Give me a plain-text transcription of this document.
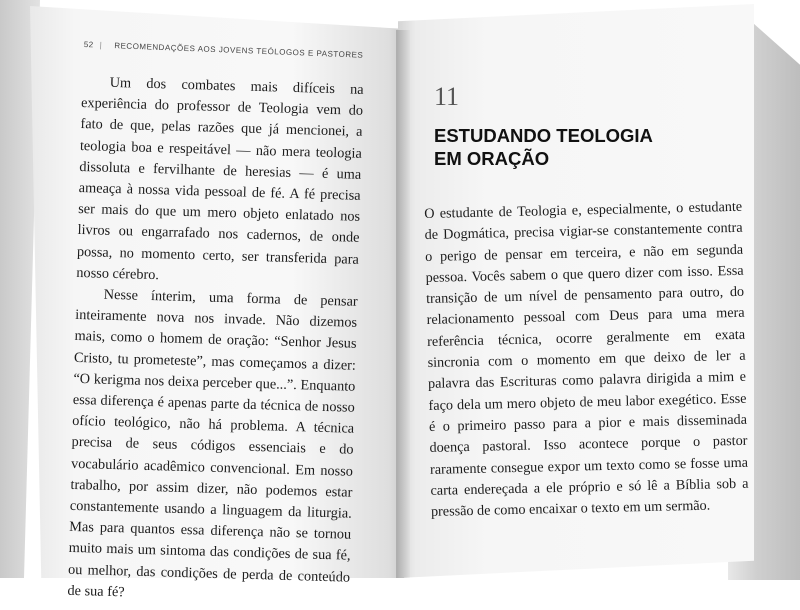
52 | RECOMENDAÇÕES AOS JOVENS TEÓLOGOS E PASTORES

Um dos combates mais difíceis na experiência do professor de Teologia vem do fato de que, pelas razões que já mencionei, a teologia boa e respeitável — não mera teologia dissoluta e fervilhante de heresias — é uma ameaça à nossa vida pessoal de fé. A fé precisa ser mais do que um mero objeto enlatado nos livros ou engarrafado nos cadernos, de onde possa, no momento certo, ser transferida para nosso cérebro.

Nesse ínterim, uma forma de pensar inteiramente nova nos invade. Não dizemos mais, como o homem de oração: “Senhor Jesus Cristo, tu prometeste”, mas começamos a dizer: “O kerigma nos deixa perceber que...”. Enquanto essa diferença é apenas parte da técnica de nosso ofício teológico, não há problema. A técnica precisa de seus códigos essenciais e do vocabulário acadêmico convencional. Em nosso trabalho, por assim dizer, não podemos estar constantemente usando a linguagem da liturgia. Mas para quantos essa diferença não se tornou muito mais um sintoma das condições de sua fé, ou melhor, das condições de perda de conteúdo de sua fé?

11
ESTUDANDO TEOLOGIA
EM ORAÇÃO

O estudante de Teologia e, especialmente, o estudante de Dogmática, precisa vigiar-se constantemente contra o perigo de pensar em terceira, e não em segunda pessoa. Vocês sabem o que quero dizer com isso. Essa transição de um nível de pensamento para outro, do relacionamento pessoal com Deus para uma mera referência técnica, ocorre geralmente em exata sincronia com o momento em que deixo de ler a palavra das Escrituras como palavra dirigida a mim e faço dela um mero objeto de meu labor exegético. Esse é o primeiro passo para a pior e mais disseminada doença pastoral. Isso acontece porque o pastor raramente consegue expor um texto como se fosse uma carta endereçada a ele próprio e só lê a Bíblia sob a pressão de como encaixar o texto em um sermão.
